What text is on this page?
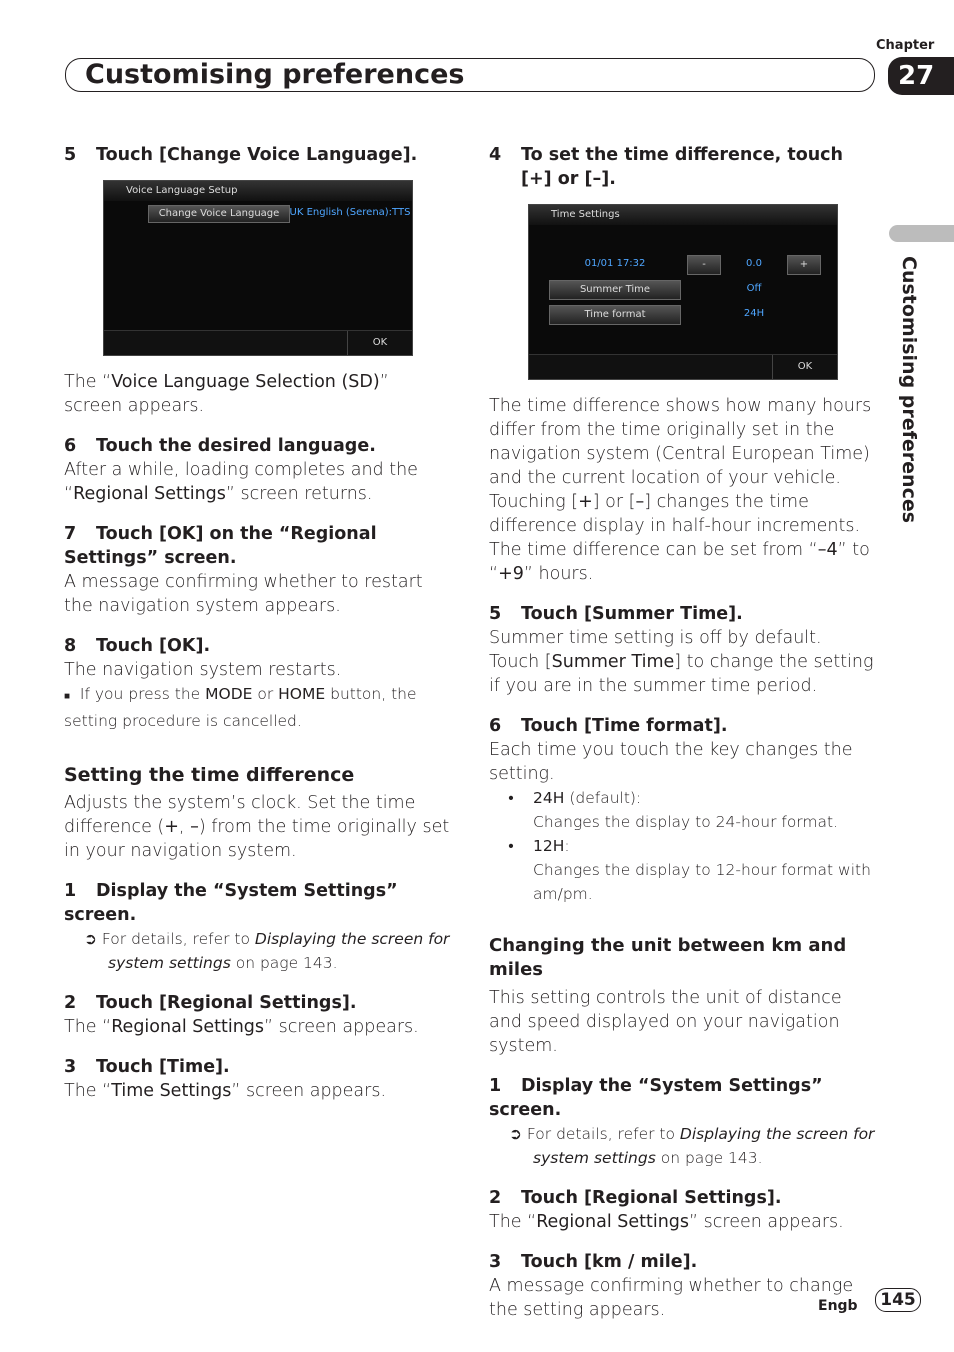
Chapter
Customising preferences	27
Customising preferences

5 Touch [Change Voice Language].

Voice Language Setup
Change Voice Language	UK English (Serena):TTS
OK

The “Voice Language Selection (SD)” screen appears.

6 Touch the desired language.

After a while, loading completes and the “Regional Settings” screen returns.

7 Touch [OK] on the “Regional Settings” screen.

A message confirming whether to restart the navigation system appears.

8 Touch [OK].

The navigation system restarts.

■ If you press the MODE or HOME button, the setting procedure is cancelled.

Setting the time difference

Adjusts the system’s clock. Set the time difference (+, –) from the time originally set in your navigation system.

1 Display the “System Settings” screen.

➲ For details, refer to Displaying the screen for system settings on page 143.

2 Touch [Regional Settings].

The “Regional Settings” screen appears.

3 Touch [Time].

The “Time Settings” screen appears.

4 To set the time difference, touch [+] or [–].

Time Settings
01/01 17:32	-	0.0	+
Summer Time	Off
Time format	24H
OK

The time difference shows how many hours differ from the time originally set in the navigation system (Central European Time) and the current location of your vehicle. Touching [+] or [–] changes the time difference display in half-hour increments.

The time difference can be set from “–4” to “+9” hours.

5 Touch [Summer Time].

Summer time setting is off by default. Touch [Summer Time] to change the setting if you are in the summer time period.

6 Touch [Time format].

Each time you touch the key changes the setting.

• 24H (default):

Changes the display to 24-hour format.

• 12H:

Changes the display to 12-hour format with am/pm.

Changing the unit between km and miles

This setting controls the unit of distance and speed displayed on your navigation system.

1 Display the “System Settings” screen.

➲ For details, refer to Displaying the screen for system settings on page 143.

2 Touch [Regional Settings].

The “Regional Settings” screen appears.

3 Touch [km / mile].

A message confirming whether to change the setting appears.	Engb	145
